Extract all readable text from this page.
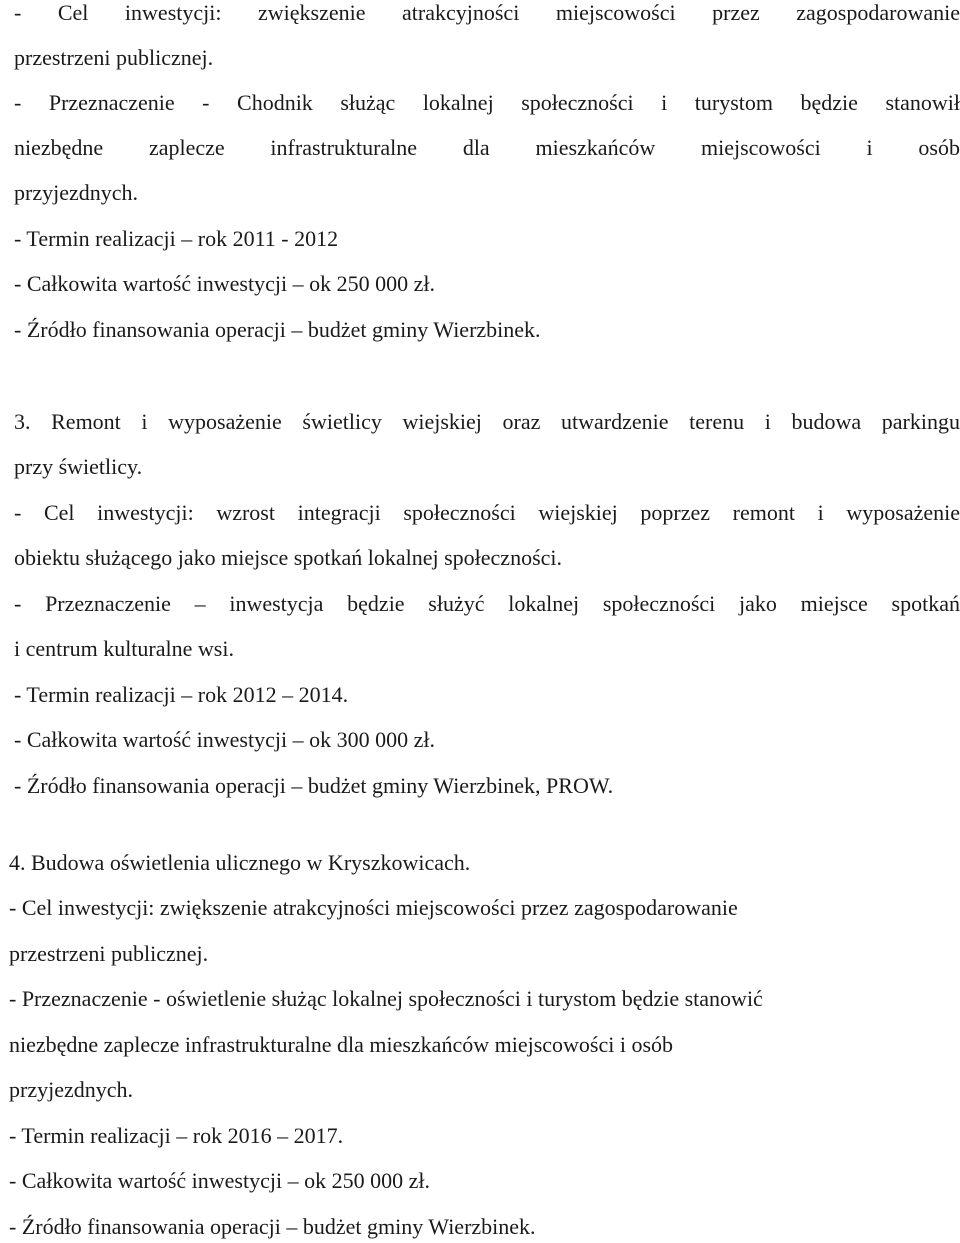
- Cel inwestycji: zwiększenie atrakcyjności miejscowości przez zagospodarowanie
przestrzeni publicznej.
- Przeznaczenie - Chodnik służąc lokalnej społeczności i turystom będzie stanowił
niezbędne zaplecze infrastrukturalne dla mieszkańców miejscowości i osób
przyjezdnych.
- Termin realizacji – rok 2011 - 2012
- Całkowita wartość inwestycji – ok 250 000 zł.
- Źródło finansowania operacji – budżet gminy Wierzbinek.
3. Remont i wyposażenie świetlicy wiejskiej oraz utwardzenie terenu i budowa parkingu
przy świetlicy.
- Cel inwestycji: wzrost integracji społeczności wiejskiej poprzez remont i wyposażenie
obiektu służącego jako miejsce spotkań lokalnej społeczności.
- Przeznaczenie – inwestycja będzie służyć lokalnej społeczności jako miejsce spotkań
i centrum kulturalne wsi.
- Termin realizacji – rok 2012 – 2014.
- Całkowita wartość inwestycji – ok 300 000 zł.
- Źródło finansowania operacji – budżet gminy Wierzbinek, PROW.
4. Budowa oświetlenia ulicznego w Kryszkowicach.
- Cel inwestycji: zwiększenie atrakcyjności miejscowości przez zagospodarowanie
przestrzeni publicznej.
- Przeznaczenie - oświetlenie służąc lokalnej społeczności i turystom będzie stanowić
niezbędne zaplecze infrastrukturalne dla mieszkańców miejscowości i osób
przyjezdnych.
- Termin realizacji – rok 2016 – 2017.
- Całkowita wartość inwestycji – ok 250 000 zł.
- Źródło finansowania operacji – budżet gminy Wierzbinek.
